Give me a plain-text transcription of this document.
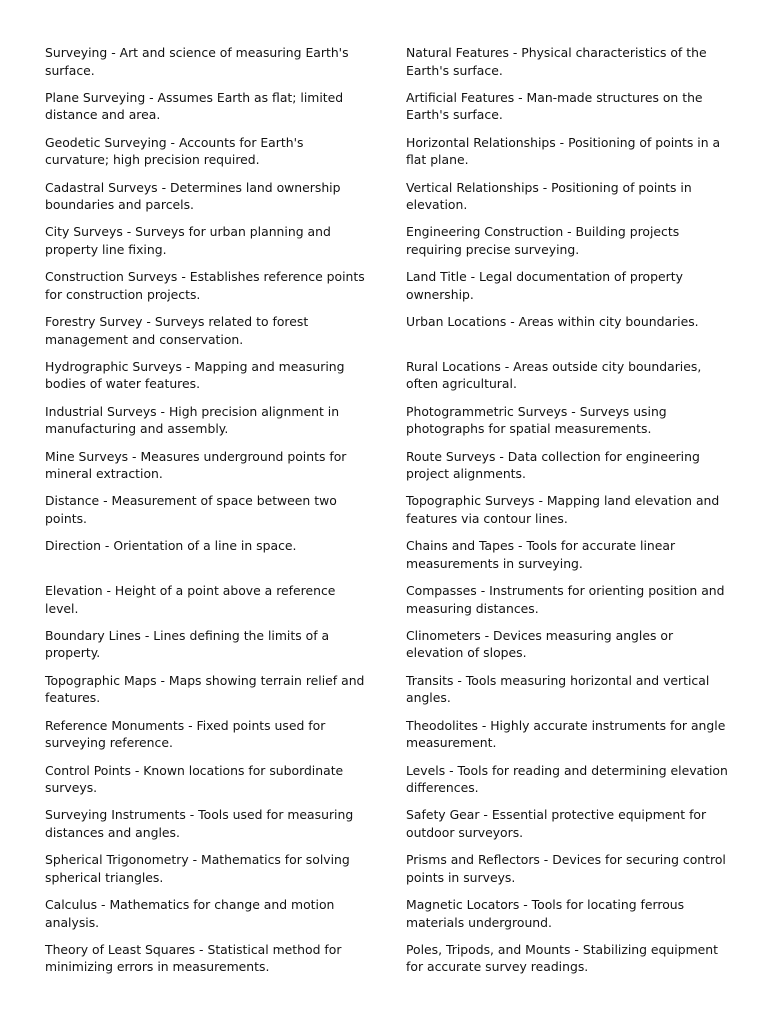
Surveying - Art and science of measuring Earth's surface.
Plane Surveying - Assumes Earth as flat; limited distance and area.
Geodetic Surveying - Accounts for Earth's curvature; high precision required.
Cadastral Surveys - Determines land ownership boundaries and parcels.
City Surveys - Surveys for urban planning and property line fixing.
Construction Surveys - Establishes reference points for construction projects.
Forestry Survey - Surveys related to forest management and conservation.
Hydrographic Surveys - Mapping and measuring bodies of water features.
Industrial Surveys - High precision alignment in manufacturing and assembly.
Mine Surveys - Measures underground points for mineral extraction.
Distance - Measurement of space between two points.
Direction - Orientation of a line in space.
Elevation - Height of a point above a reference level.
Boundary Lines - Lines defining the limits of a property.
Topographic Maps - Maps showing terrain relief and features.
Reference Monuments - Fixed points used for surveying reference.
Control Points - Known locations for subordinate surveys.
Surveying Instruments - Tools used for measuring distances and angles.
Spherical Trigonometry - Mathematics for solving spherical triangles.
Calculus - Mathematics for change and motion analysis.
Theory of Least Squares - Statistical method for minimizing errors in measurements.
Natural Features - Physical characteristics of the Earth's surface.
Artificial Features - Man-made structures on the Earth's surface.
Horizontal Relationships - Positioning of points in a flat plane.
Vertical Relationships - Positioning of points in elevation.
Engineering Construction - Building projects requiring precise surveying.
Land Title - Legal documentation of property ownership.
Urban Locations - Areas within city boundaries.
Rural Locations - Areas outside city boundaries, often agricultural.
Photogrammetric Surveys - Surveys using photographs for spatial measurements.
Route Surveys - Data collection for engineering project alignments.
Topographic Surveys - Mapping land elevation and features via contour lines.
Chains and Tapes - Tools for accurate linear measurements in surveying.
Compasses - Instruments for orienting position and measuring distances.
Clinometers - Devices measuring angles or elevation of slopes.
Transits - Tools measuring horizontal and vertical angles.
Theodolites - Highly accurate instruments for angle measurement.
Levels - Tools for reading and determining elevation differences.
Safety Gear - Essential protective equipment for outdoor surveyors.
Prisms and Reflectors - Devices for securing control points in surveys.
Magnetic Locators - Tools for locating ferrous materials underground.
Poles, Tripods, and Mounts - Stabilizing equipment for accurate survey readings.
